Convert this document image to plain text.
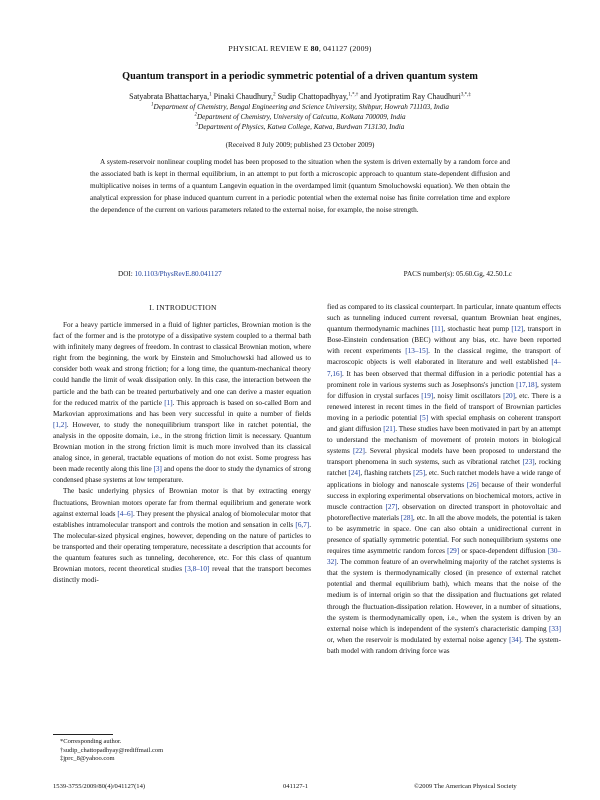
PHYSICAL REVIEW E 80, 041127 (2009)
Quantum transport in a periodic symmetric potential of a driven quantum system
Satyabrata Bhattacharya,$^1$ Pinaki Chaudhury,$^2$ Sudip Chattopadhyay,$^{1,*,\dagger}$ and Jyotipratim Ray Chaudhuri$^{3,*,\ddagger}$
$^1$Department of Chemistry, Bengal Engineering and Science University, Shibpur, Howrah 711103, India
$^2$Department of Chemistry, University of Calcutta, Kolkata 700009, India
$^3$Department of Physics, Katwa College, Katwa, Burdwan 713130, India
(Received 8 July 2009; published 23 October 2009)

A system-reservoir nonlinear coupling model has been proposed to the situation when the system is driven externally by a random force and the associated bath is kept in thermal equilibrium, in an attempt to put forth a microscopic approach to quantum state-dependent diffusion and multiplicative noises in terms of a quantum Langevin equation in the overdamped limit (quantum Smoluchowski equation). We then obtain the analytical expression for phase induced quantum current in a periodic potential when the external noise has finite correlation time and explore the dependence of the current on various parameters related to the external noise, for example, the noise strength.

DOI: 10.1103/PhysRevE.80.041127	PACS number(s): 05.60.Gg, 42.50.Lc
I. INTRODUCTION

For a heavy particle immersed in a fluid of lighter particles, Brownian motion is the fact of the former and is the prototype of a dissipative system coupled to a thermal bath with infinitely many degrees of freedom. In contrast to classical Brownian motion, where right from the beginning, the work by Einstein and Smoluchowski had allowed us to consider both weak and strong friction; for a long time, the quantum-mechanical theory could handle the limit of weak dissipation only. In this case, the interaction between the particle and the bath can be treated perturbatively and one can derive a master equation for the reduced matrix of the particle [1]. This approach is based on so-called Born and Markovian approximations and has been very successful in quite a number of fields [1,2]. However, to study the nonequilibrium transport like in ratchet potential, the analysis in the opposite domain, i.e., in the strong friction limit is necessary. Quantum Brownian motion in the strong friction limit is much more involved than its classical analog since, in general, tractable equations of motion do not exist. Some progress has been made recently along this line [3] and opens the door to study the dynamics of strong condensed phase systems at low temperature.

The basic underlying physics of Brownian motor is that by extracting energy fluctuations, Brownian motors operate far from thermal equilibrium and generate work against external loads [4–6]. They present the physical analog of biomolecular motor that establishes intramolecular transport and controls the motion and sensation in cells [6,7]. The molecular-sized physical engines, however, depending on the nature of particles to be transported and their operating temperature, necessitate a description that accounts for the quantum features such as tunneling, decoherence, etc. For this class of quantum Brownian motors, recent theoretical studies [3,8–10] reveal that the transport becomes distinctly modi-

fied as compared to its classical counterpart. In particular, innate quantum effects such as tunneling induced current reversal, quantum Brownian heat engines, quantum thermodynamic machines [11], stochastic heat pump [12], transport in Bose-Einstein condensation (BEC) without any bias, etc. have been reported with recent experiments [13–15]. In the classical regime, the transport of macroscopic objects is well elaborated in literature and well established [4–7,16]. It has been observed that thermal diffusion in a periodic potential has a prominent role in various systems such as Josephsons's junction [17,18], system for diffusion in crystal surfaces [19], noisy limit oscillators [20], etc. There is a renewed interest in recent times in the field of transport of Brownian particles moving in a periodic potential [5] with special emphasis on coherent transport and giant diffusion [21]. These studies have been motivated in part by an attempt to understand the mechanism of movement of protein motors in biological systems [22]. Several physical models have been proposed to understand the transport phenomena in such systems, such as vibrational ratchet [23], rocking ratchet [24], flashing ratchets [25], etc. Such ratchet models have a wide range of applications in biology and nanoscale systems [26] because of their wonderful success in exploring experimental observations on biochemical motors, active in muscle contraction [27], observation on directed transport in photovoltaic and photoreflective materials [28], etc. In all the above models, the potential is taken to be asymmetric in space. One can also obtain a unidirectional current in presence of spatially symmetric potential. For such nonequilibrium systems one requires time asymmetric random forces [29] or space-dependent diffusion [30–32]. The common feature of an overwhelming majority of the ratchet systems is that the system is thermodynamically closed (in presence of external ratchet potential and thermal equilibrium bath), which means that the noise of the medium is of internal origin so that the dissipation and fluctuations get related through the fluctuation-dissipation relation. However, in a number of situations, the system is thermodynamically open, i.e., when the system is driven by an external noise which is independent of the system's characteristic damping [33] or, when the reservoir is modulated by external noise agency [34]. The system-bath model with random driving force was

*Corresponding author.
†sudip_chattopadhyay@rediffmail.com
‡jprc_8@yahoo.com
1539-3755/2009/80(4)/041127(14)	041127-1	©2009 The American Physical Society
